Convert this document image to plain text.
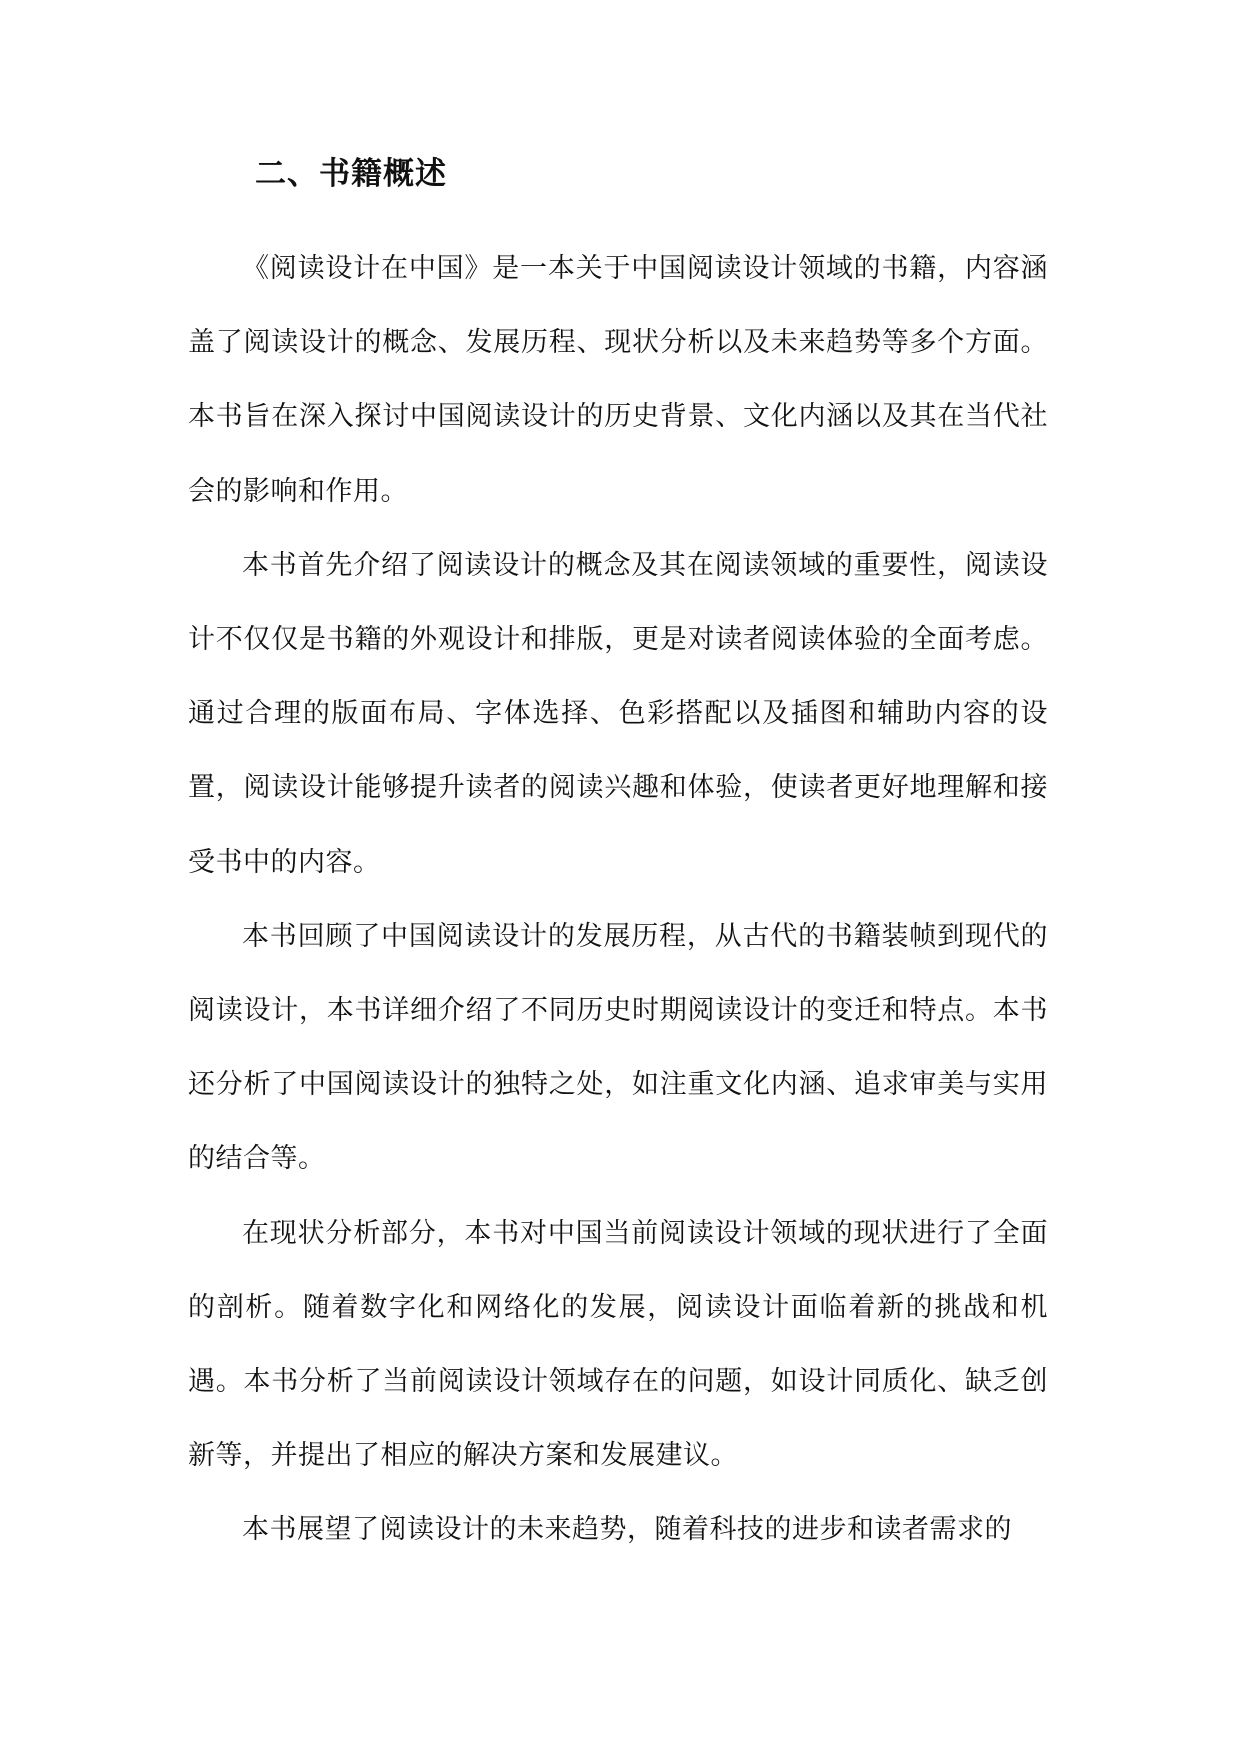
二、书籍概述

《阅读设计在中国》是一本关于中国阅读设计领域的书籍，内容涵盖了阅读设计的概念、发展历程、现状分析以及未来趋势等多个方面。本书旨在深入探讨中国阅读设计的历史背景、文化内涵以及其在当代社会的影响和作用。

本书首先介绍了阅读设计的概念及其在阅读领域的重要性，阅读设计不仅仅是书籍的外观设计和排版，更是对读者阅读体验的全面考虑。通过合理的版面布局、字体选择、色彩搭配以及插图和辅助内容的设置，阅读设计能够提升读者的阅读兴趣和体验，使读者更好地理解和接受书中的内容。

本书回顾了中国阅读设计的发展历程，从古代的书籍装帧到现代的阅读设计，本书详细介绍了不同历史时期阅读设计的变迁和特点。本书还分析了中国阅读设计的独特之处，如注重文化内涵、追求审美与实用的结合等。

在现状分析部分，本书对中国当前阅读设计领域的现状进行了全面的剖析。随着数字化和网络化的发展，阅读设计面临着新的挑战和机遇。本书分析了当前阅读设计领域存在的问题，如设计同质化、缺乏创新等，并提出了相应的解决方案和发展建议。

本书展望了阅读设计的未来趋势，随着科技的进步和读者需求的
